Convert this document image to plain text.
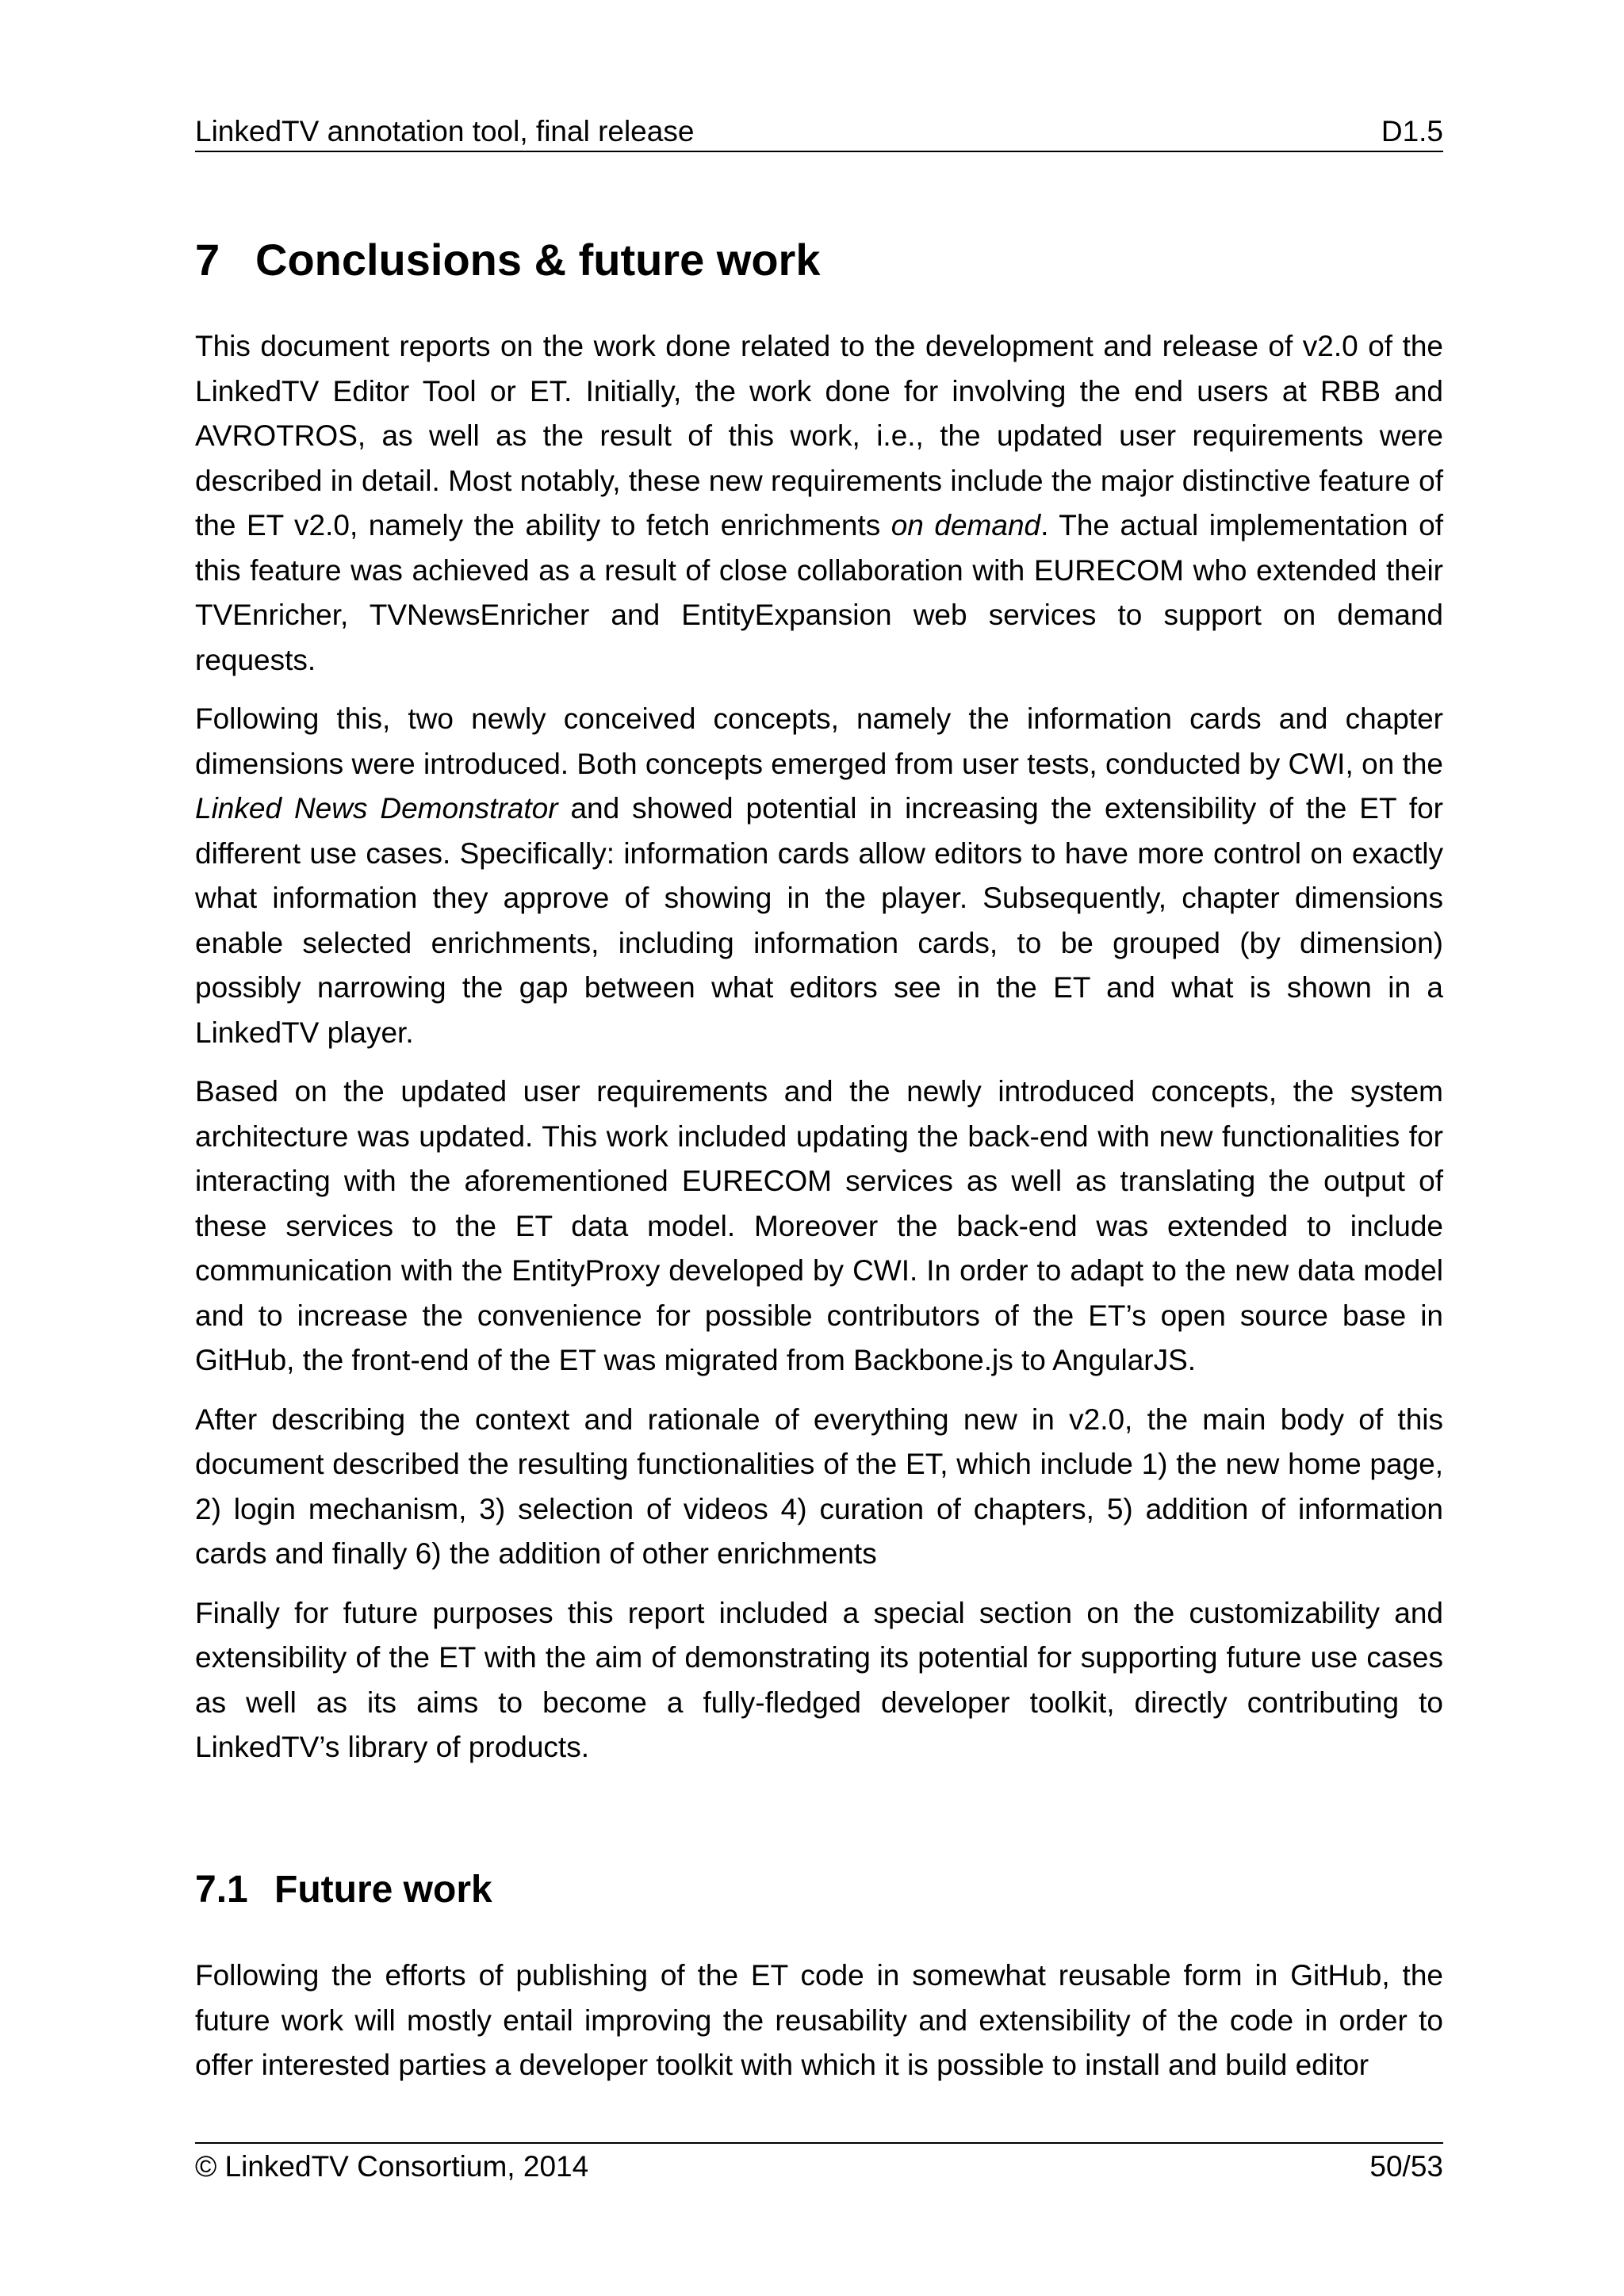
LinkedTV annotation tool, final release	D1.5
7 Conclusions & future work

This document reports on the work done related to the development and release of v2.0 of the LinkedTV Editor Tool or ET. Initially, the work done for involving the end users at RBB and AVROTROS, as well as the result of this work, i.e., the updated user requirements were described in detail. Most notably, these new requirements include the major distinctive feature of the ET v2.0, namely the ability to fetch enrichments on demand. The actual implementation of this feature was achieved as a result of close collaboration with EURECOM who extended their TVEnricher, TVNewsEnricher and EntityExpansion web services to support on demand requests.

Following this, two newly conceived concepts, namely the information cards and chapter dimensions were introduced. Both concepts emerged from user tests, conducted by CWI, on the Linked News Demonstrator and showed potential in increasing the extensibility of the ET for different use cases. Specifically: information cards allow editors to have more control on exactly what information they approve of showing in the player. Subsequently, chapter dimensions enable selected enrichments, including information cards, to be grouped (by dimension) possibly narrowing the gap between what editors see in the ET and what is shown in a LinkedTV player.

Based on the updated user requirements and the newly introduced concepts, the system architecture was updated. This work included updating the back-end with new functionalities for interacting with the aforementioned EURECOM services as well as translating the output of these services to the ET data model. Moreover the back-end was extended to include communication with the EntityProxy developed by CWI. In order to adapt to the new data model and to increase the convenience for possible contributors of the ET’s open source base in GitHub, the front-end of the ET was migrated from Backbone.js to AngularJS.

After describing the context and rationale of everything new in v2.0, the main body of this document described the resulting functionalities of the ET, which include 1) the new home page, 2) login mechanism, 3) selection of videos 4) curation of chapters, 5) addition of information cards and finally 6) the addition of other enrichments

Finally for future purposes this report included a special section on the customizability and extensibility of the ET with the aim of demonstrating its potential for supporting future use cases as well as its aims to become a fully-fledged developer toolkit, directly contributing to LinkedTV’s library of products.

7.1 Future work

Following the efforts of publishing of the ET code in somewhat reusable form in GitHub, the future work will mostly entail improving the reusability and extensibility of the code in order to offer interested parties a developer toolkit with which it is possible to install and build editor

© LinkedTV Consortium, 2014	50/53
